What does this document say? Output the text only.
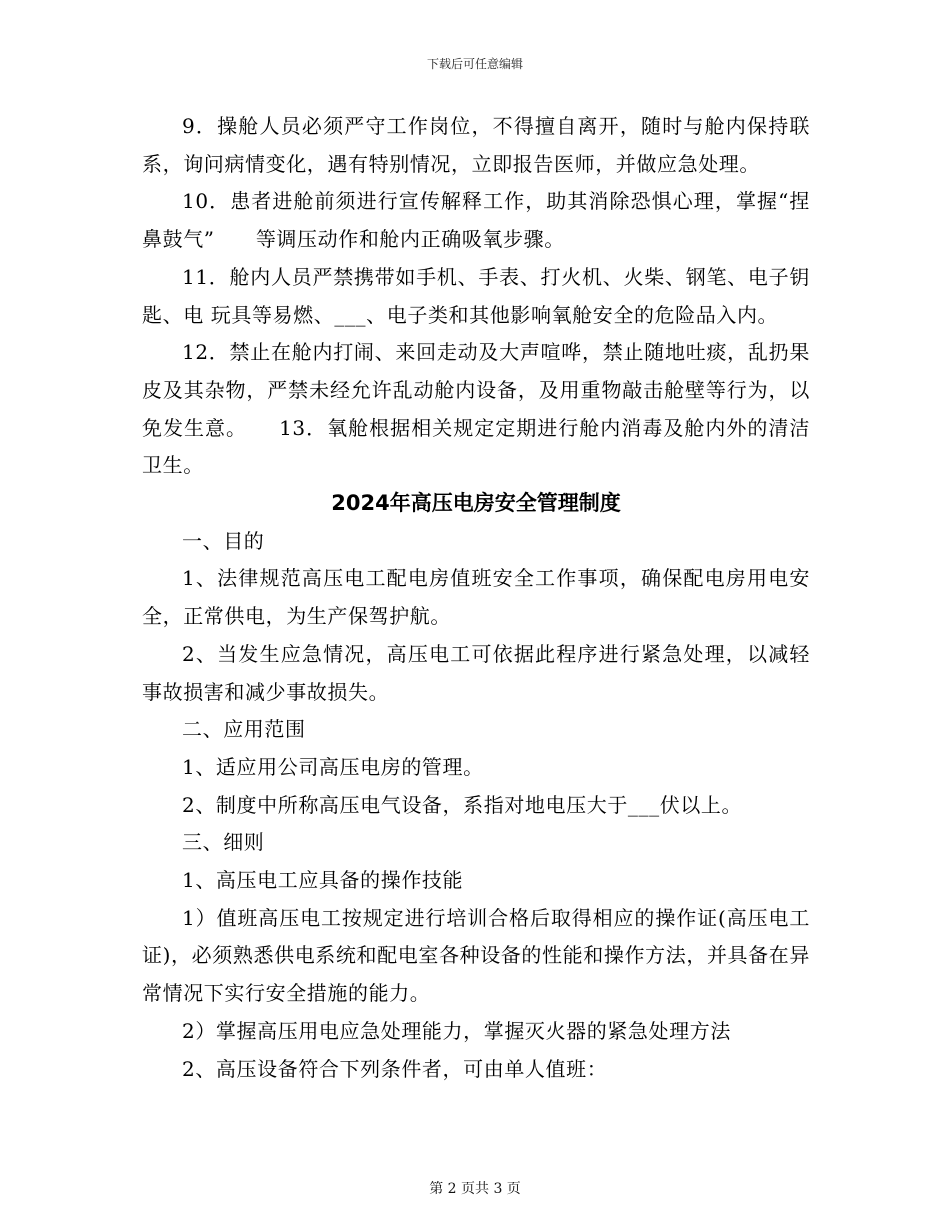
下载后可任意编辑

9．操舱人员必须严守工作岗位，不得擅自离开，随时与舱内保持联系，询问病情变化，遇有特别情况，立即报告医师，并做应急处理。

10．患者进舱前须进行宣传解释工作，助其消除恐惧心理，掌握“捏鼻鼓气”　　等调压动作和舱内正确吸氧步骤。

11．舱内人员严禁携带如手机、手表、打火机、火柴、钢笔、电子钥匙、电 玩具等易燃、___、电子类和其他影响氧舱安全的危险品入内。

12．禁止在舱内打闹、来回走动及大声喧哗，禁止随地吐痰，乱扔果皮及其杂物，严禁未经允许乱动舱内设备，及用重物敲击舱壁等行为，以免发生意。　　13．氧舱根据相关规定定期进行舱内消毒及舱内外的清洁卫生。

2024年高压电房安全管理制度

一、目的

1、法律规范高压电工配电房值班安全工作事项，确保配电房用电安全，正常供电，为生产保驾护航。

2、当发生应急情况，高压电工可依据此程序进行紧急处理，以减轻事故损害和减少事故损失。

二、应用范围

1、适应用公司高压电房的管理。

2、制度中所称高压电气设备，系指对地电压大于___伏以上。

三、细则

1、高压电工应具备的操作技能

1）值班高压电工按规定进行培训合格后取得相应的操作证(高压电工证)，必须熟悉供电系统和配电室各种设备的性能和操作方法，并具备在异常情况下实行安全措施的能力。

2）掌握高压用电应急处理能力，掌握灭火器的紧急处理方法

2、高压设备符合下列条件者，可由单人值班：

第 2 页共 3 页
